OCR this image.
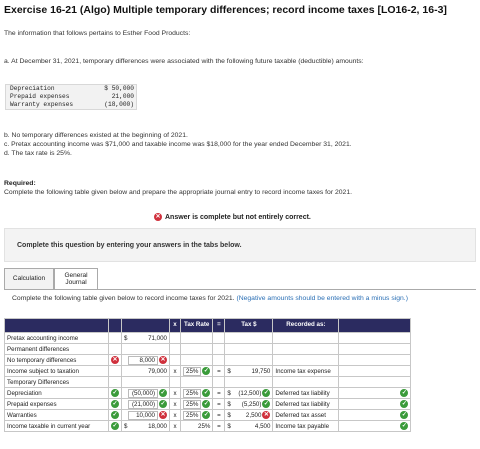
Exercise 16-21 (Algo) Multiple temporary differences; record income taxes [LO16-2, 16-3]
The information that follows pertains to Esther Food Products:
a. At December 31, 2021, temporary differences were associated with the following future taxable (deductible) amounts:
Depreciation	$ 50,000
Prepaid expenses	21,000
Warranty expenses	(18,000)
b. No temporary differences existed at the beginning of 2021.
c. Pretax accounting income was $71,000 and taxable income was $18,000 for the year ended December 31, 2021.
d. The tax rate is 25%.
Required:
Complete the following table given below and prepare the appropriate journal entry to record income taxes for 2021.
✕ Answer is complete but not entirely correct.
Complete this question by entering your answers in the tabs below.
Calculation
General Journal
Complete the following table given below to record income taxes for 2021. (Negative amounts should be entered with a minus sign.)
			x	Tax Rate	=	Tax $	Recorded as:	
Pretax accounting income		$ 71,000						

Permanent differences								
No temporary differences	✕	8,000 ✕						

Income subject to taxation		79,000	x	25% ✓	=	$ 19,750	Income tax expense	
Temporary Differences								
Depreciation	✓	(50,000) ✓	x	25% ✓	=	$ (12,500) ✓	Deferred tax liability	✓

Prepaid expenses	✓	(21,000) ✓	x	25% ✓	=	$ (5,250) ✓	Deferred tax liability	✓

Warranties	✓	10,000 ✕	x	25% ✓	=	$ 2,500 ✕	Deferred tax asset	✓

Income taxable in current year	✓	$ 18,000	x	25%	=	$ 4,500	Income tax payable	✓
